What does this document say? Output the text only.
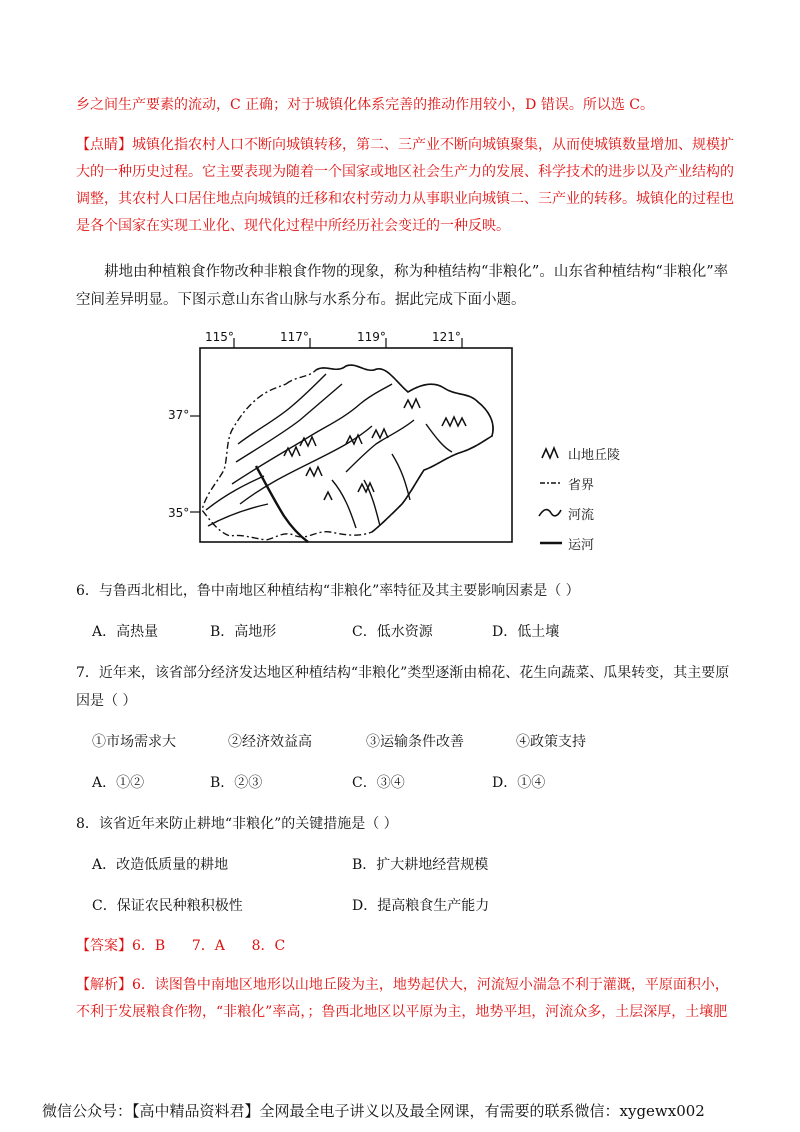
乡之间生产要素的流动，C 正确；对于城镇化体系完善的推动作用较小，D 错误。所以选 C。

【点睛】城镇化指农村人口不断向城镇转移，第二、三产业不断向城镇聚集，从而使城镇数量增加、规模扩大的一种历史过程。它主要表现为随着一个国家或地区社会生产力的发展、科学技术的进步以及产业结构的调整，其农村人口居住地点向城镇的迁移和农村劳动力从事职业向城镇二、三产业的转移。城镇化的过程也是各个国家在实现工业化、现代化过程中所经历社会变迁的一种反映。

耕地由种植粮食作物改种非粮食作物的现象，称为种植结构“非粮化”。山东省种植结构“非粮化”率空间差异明显。下图示意山东省山脉与水系分布。据此完成下面小题。

115°	117°	119°	121°
37°
35°
山地丘陵
省界
河流
运河
6．与鲁西北相比，鲁中南地区种植结构“非粮化”率特征及其主要影响因素是（ ）
A．高热量	B．高地形	C．低水资源	D．低土壤
7．近年来，该省部分经济发达地区种植结构“非粮化”类型逐渐由棉花、花生向蔬菜、瓜果转变，其主要原
因是（ ）
①市场需求大	②经济效益高	③运输条件改善	④政策支持
A．①②	B．②③	C．③④	D．①④
8．该省近年来防止耕地“非粮化”的关键措施是（ ）
A．改造低质量的耕地	B．扩大耕地经营规模
C．保证农民种粮积极性	D．提高粮食生产能力
【答案】6．B      7．A      8．C

【解析】6．读图鲁中南地区地形以山地丘陵为主，地势起伏大，河流短小湍急不利于灌溉，平原面积小，不利于发展粮食作物，“非粮化”率高，；鲁西北地区以平原为主，地势平坦，河流众多，土层深厚，土壤肥

微信公众号：【高中精品资料君】全网最全电子讲义以及最全网课，有需要的联系微信：xygewx002
